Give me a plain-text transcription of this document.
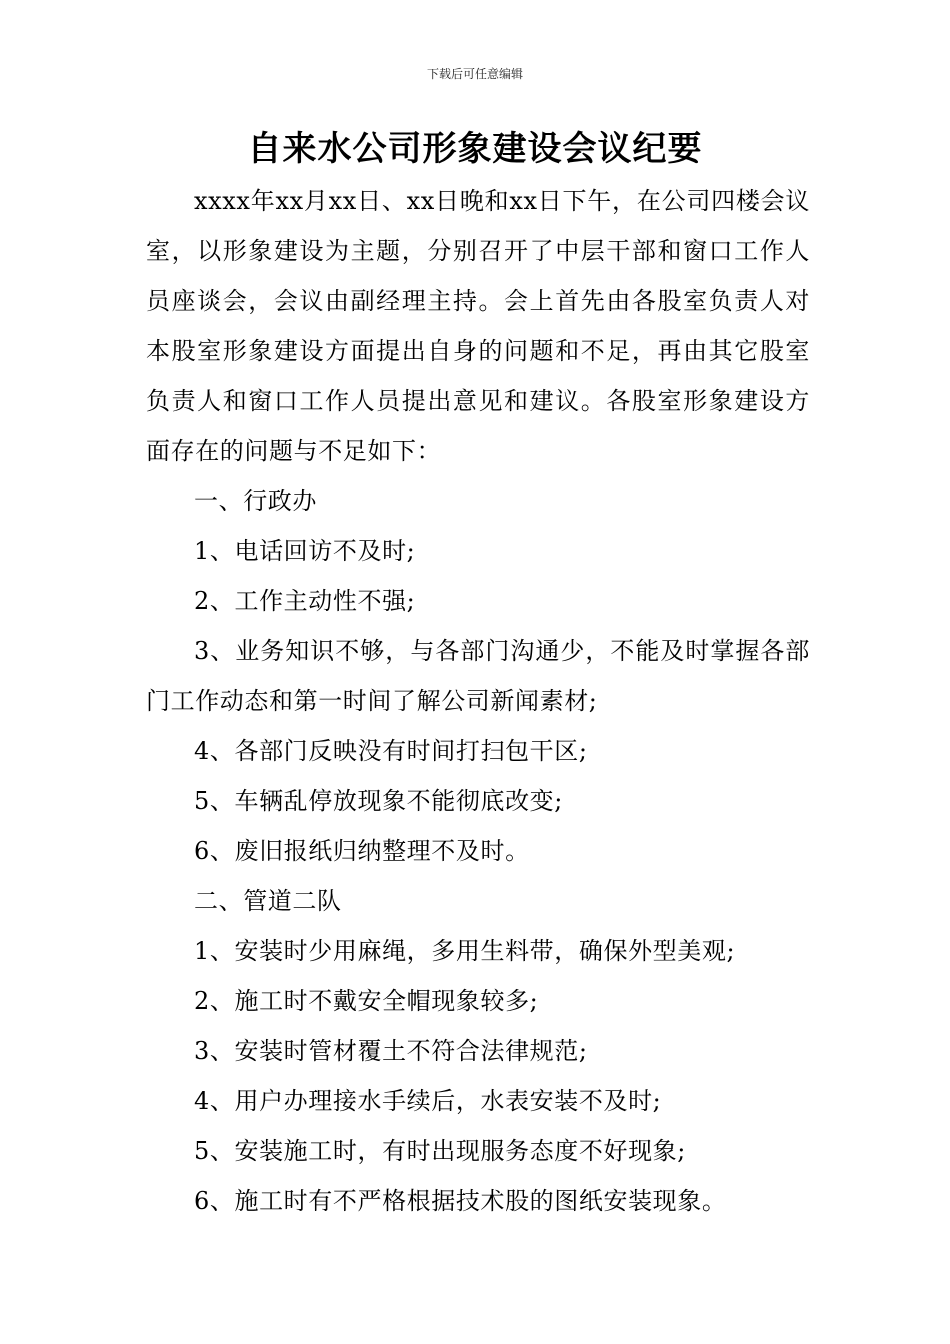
下载后可任意编辑
自来水公司形象建设会议纪要

xxxx年xx月xx日、xx日晚和xx日下午，在公司四楼会议室，以形象建设为主题，分别召开了中层干部和窗口工作人员座谈会，会议由副经理主持。会上首先由各股室负责人对本股室形象建设方面提出自身的问题和不足，再由其它股室负责人和窗口工作人员提出意见和建议。各股室形象建设方面存在的问题与不足如下：

一、行政办

1、电话回访不及时;

2、工作主动性不强;

3、业务知识不够，与各部门沟通少，不能及时掌握各部门工作动态和第一时间了解公司新闻素材;

4、各部门反映没有时间打扫包干区;

5、车辆乱停放现象不能彻底改变;

6、废旧报纸归纳整理不及时。

二、管道二队

1、安装时少用麻绳，多用生料带，确保外型美观;

2、施工时不戴安全帽现象较多;

3、安装时管材覆土不符合法律规范;

4、用户办理接水手续后，水表安装不及时;

5、安装施工时，有时出现服务态度不好现象;

6、施工时有不严格根据技术股的图纸安装现象。
